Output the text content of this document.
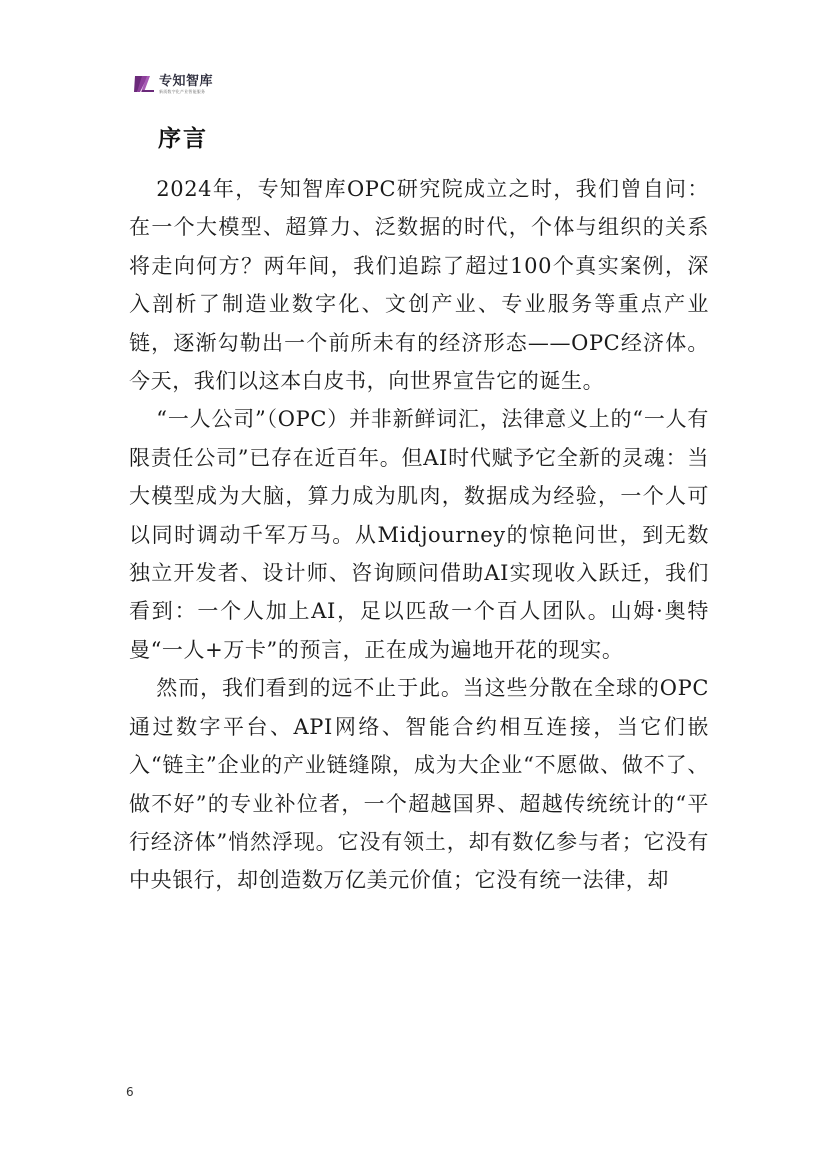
专知智库
新质数字化产业智能服务
序言

2024年，专知智库OPC研究院成立之时，我们曾自问：在一个大模型、超算力、泛数据的时代，个体与组织的关系将走向何方？两年间，我们追踪了超过100个真实案例，深入剖析了制造业数字化、文创产业、专业服务等重点产业链，逐渐勾勒出一个前所未有的经济形态——OPC经济体。今天，我们以这本白皮书，向世界宣告它的诞生。

“一人公司”（OPC）并非新鲜词汇，法律意义上的“一人有限责任公司”已存在近百年。但AI时代赋予它全新的灵魂：当大模型成为大脑，算力成为肌肉，数据成为经验，一个人可以同时调动千军万马。从Midjourney的惊艳问世，到无数独立开发者、设计师、咨询顾问借助AI实现收入跃迁，我们看到：一个人加上AI，足以匹敌一个百人团队。山姆·奥特曼“一人+万卡”的预言，正在成为遍地开花的现实。

然而，我们看到的远不止于此。当这些分散在全球的OPC通过数字平台、API网络、智能合约相互连接，当它们嵌入“链主”企业的产业链缝隙，成为大企业“不愿做、做不了、做不好”的专业补位者，一个超越国界、超越传统统计的“平行经济体”悄然浮现。它没有领土，却有数亿参与者；它没有中央银行，却创造数万亿美元价值；它没有统一法律，却

6
